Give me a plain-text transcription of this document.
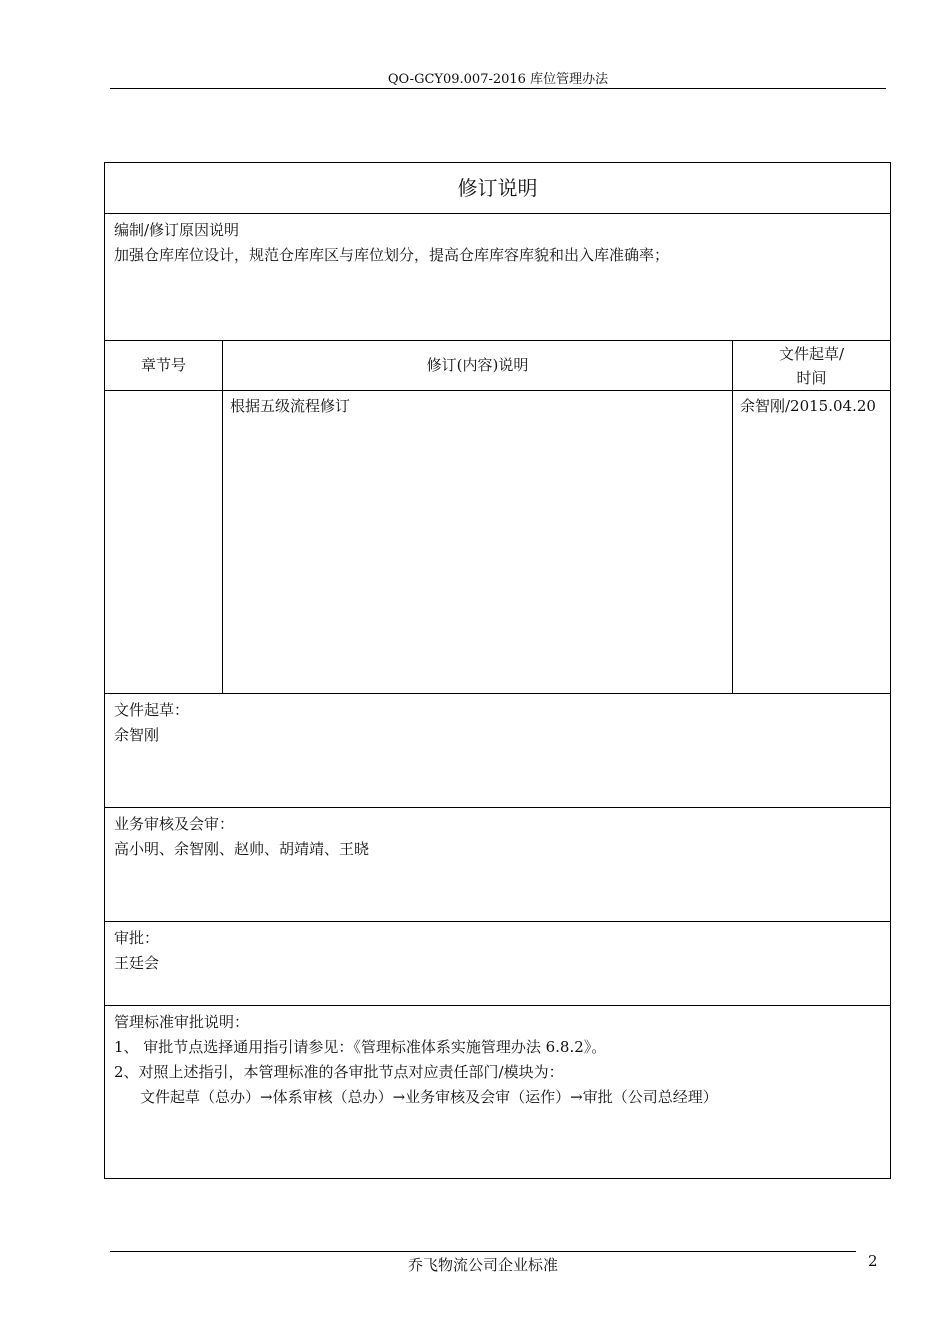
QO-GCY09.007-2016 库位管理办法
修订说明		

编制/修订原因说明
加强仓库库位设计，规范仓库库区与库位划分，提高仓库库容库貌和出入库准确率；		

章节号	修订(内容)说明	文件起草/
时间

	根据五级流程修订	余智刚/2015.04.20

文件起草：
余智刚		

业务审核及会审：
高小明、余智刚、赵帅、胡靖靖、王晓		

审批：
王廷会		

管理标准审批说明：
1、 审批节点选择通用指引请参见：《管理标准体系实施管理办法 6.8.2》。
2、对照上述指引，本管理标准的各审批节点对应责任部门/模块为：
文件起草（总办）→体系审核（总办）→业务审核及会审（运作）→审批（公司总经理）		
乔飞物流公司企业标准	2
